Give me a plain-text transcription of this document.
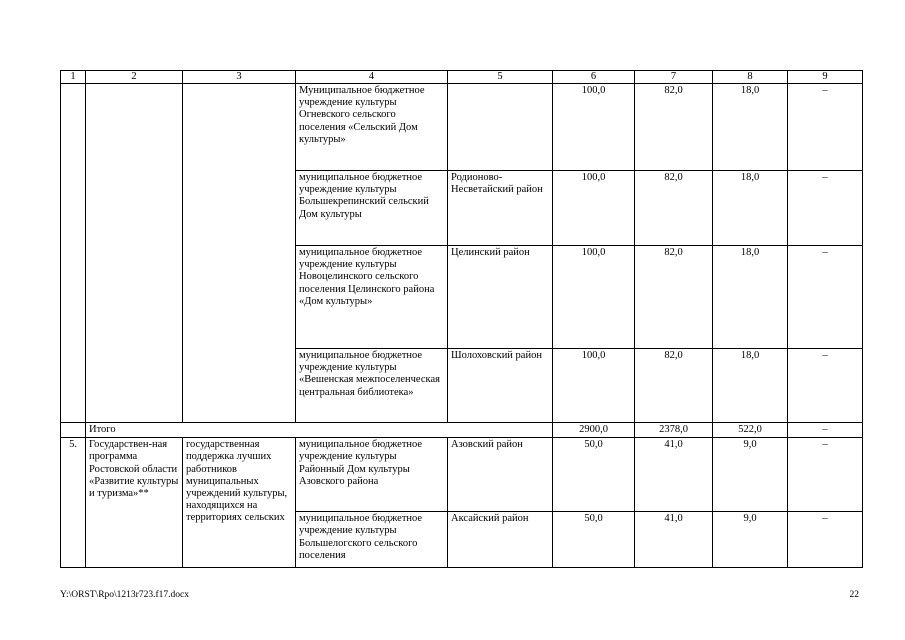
1	2	3	4	5	6	7	8	9
			Муниципальное бюджетное учреждение культуры Огневского сельского поселения «Сельский Дом культуры»		100,0	82,0	18,0	–
			муниципальное бюджетное учреждение культуры Большекрепинский сельский Дом культуры	Родионово-Несветайский район	100,0	82,0	18,0	–
			муниципальное бюджетное учреждение культуры Новоцелинского сельского поселения Целинского района «Дом культуры»	Целинский район	100,0	82,0	18,0	–
			муниципальное бюджетное учреждение культуры «Вешенская межпоселенческая центральная библиотека»	Шолоховский район	100,0	82,0	18,0	–
	Итого				2900,0	2378,0	522,0	–
5.	Государствен-ная программа Ростовской области «Развитие культуры и туризма»**	государственная поддержка лучших работников муниципальных учреждений культуры, находящихся на территориях сельских	муниципальное бюджетное учреждение культуры Районный Дом культуры Азовского района	Азовский район	50,0	41,0	9,0	–

			муниципальное бюджетное учреждение культуры Большелогского сельского поселения	Аксайский район	50,0	41,0	9,0	–
Y:\ORST\Rpo\1213r723.f17.docx	22
